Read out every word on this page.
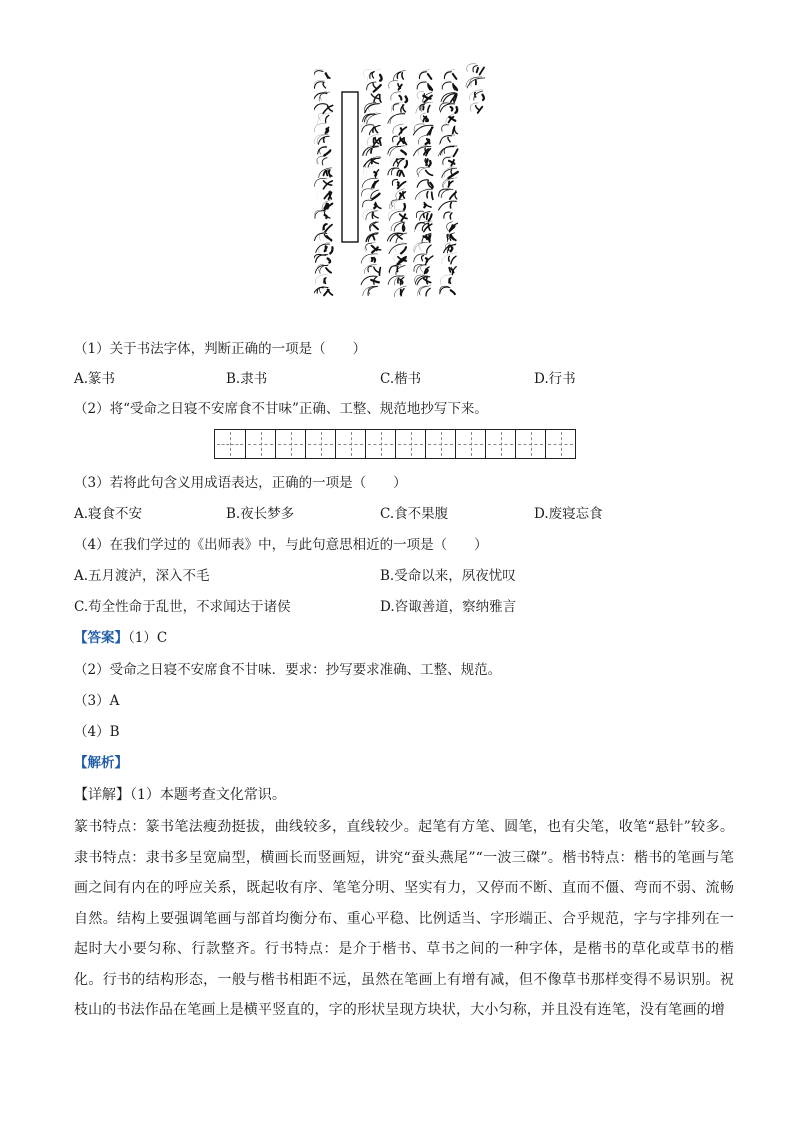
（1）关于书法字体，判断正确的一项是（　　）
A.篆书	B.隶书	C.楷书	D.行书
（2）将“受命之日寝不安席食不甘味”正确、工整、规范地抄写下来。
（3）若将此句含义用成语表达，正确的一项是（　　）
A.寝食不安	B.夜长梦多	C.食不果腹	D.废寝忘食
（4）在我们学过的《出师表》中，与此句意思相近的一项是（　　）
A.五月渡泸，深入不毛	B.受命以来，夙夜忧叹
C.苟全性命于乱世，不求闻达于诸侯	D.咨诹善道，察纳雅言
【答案】（1）C
（2）受命之日寝不安席食不甘味．要求：抄写要求准确、工整、规范。
（3）A
（4）B
【解析】
【详解】（1）本题考查文化常识。
篆书特点：篆书笔法瘦劲挺拔，曲线较多，直线较少。起笔有方笔、圆笔，也有尖笔，收笔“悬针”较多。隶书特点：隶书多呈宽扁型，横画长而竖画短，讲究“蚕头燕尾”“一波三磔”。楷书特点：楷书的笔画与笔画之间有内在的呼应关系，既起收有序、笔笔分明、坚实有力，又停而不断、直而不僵、弯而不弱、流畅自然。结构上要强调笔画与部首均衡分布、重心平稳、比例适当、字形端正、合乎规范，字与字排列在一起时大小要匀称、行款整齐。行书特点：是介于楷书、草书之间的一种字体，是楷书的草化或草书的楷化。行书的结构形态，一般与楷书相距不远，虽然在笔画上有增有减，但不像草书那样变得不易识别。祝枝山的书法作品在笔画上是横平竖直的，字的形状呈现方块状，大小匀称，并且没有连笔，没有笔画的增
